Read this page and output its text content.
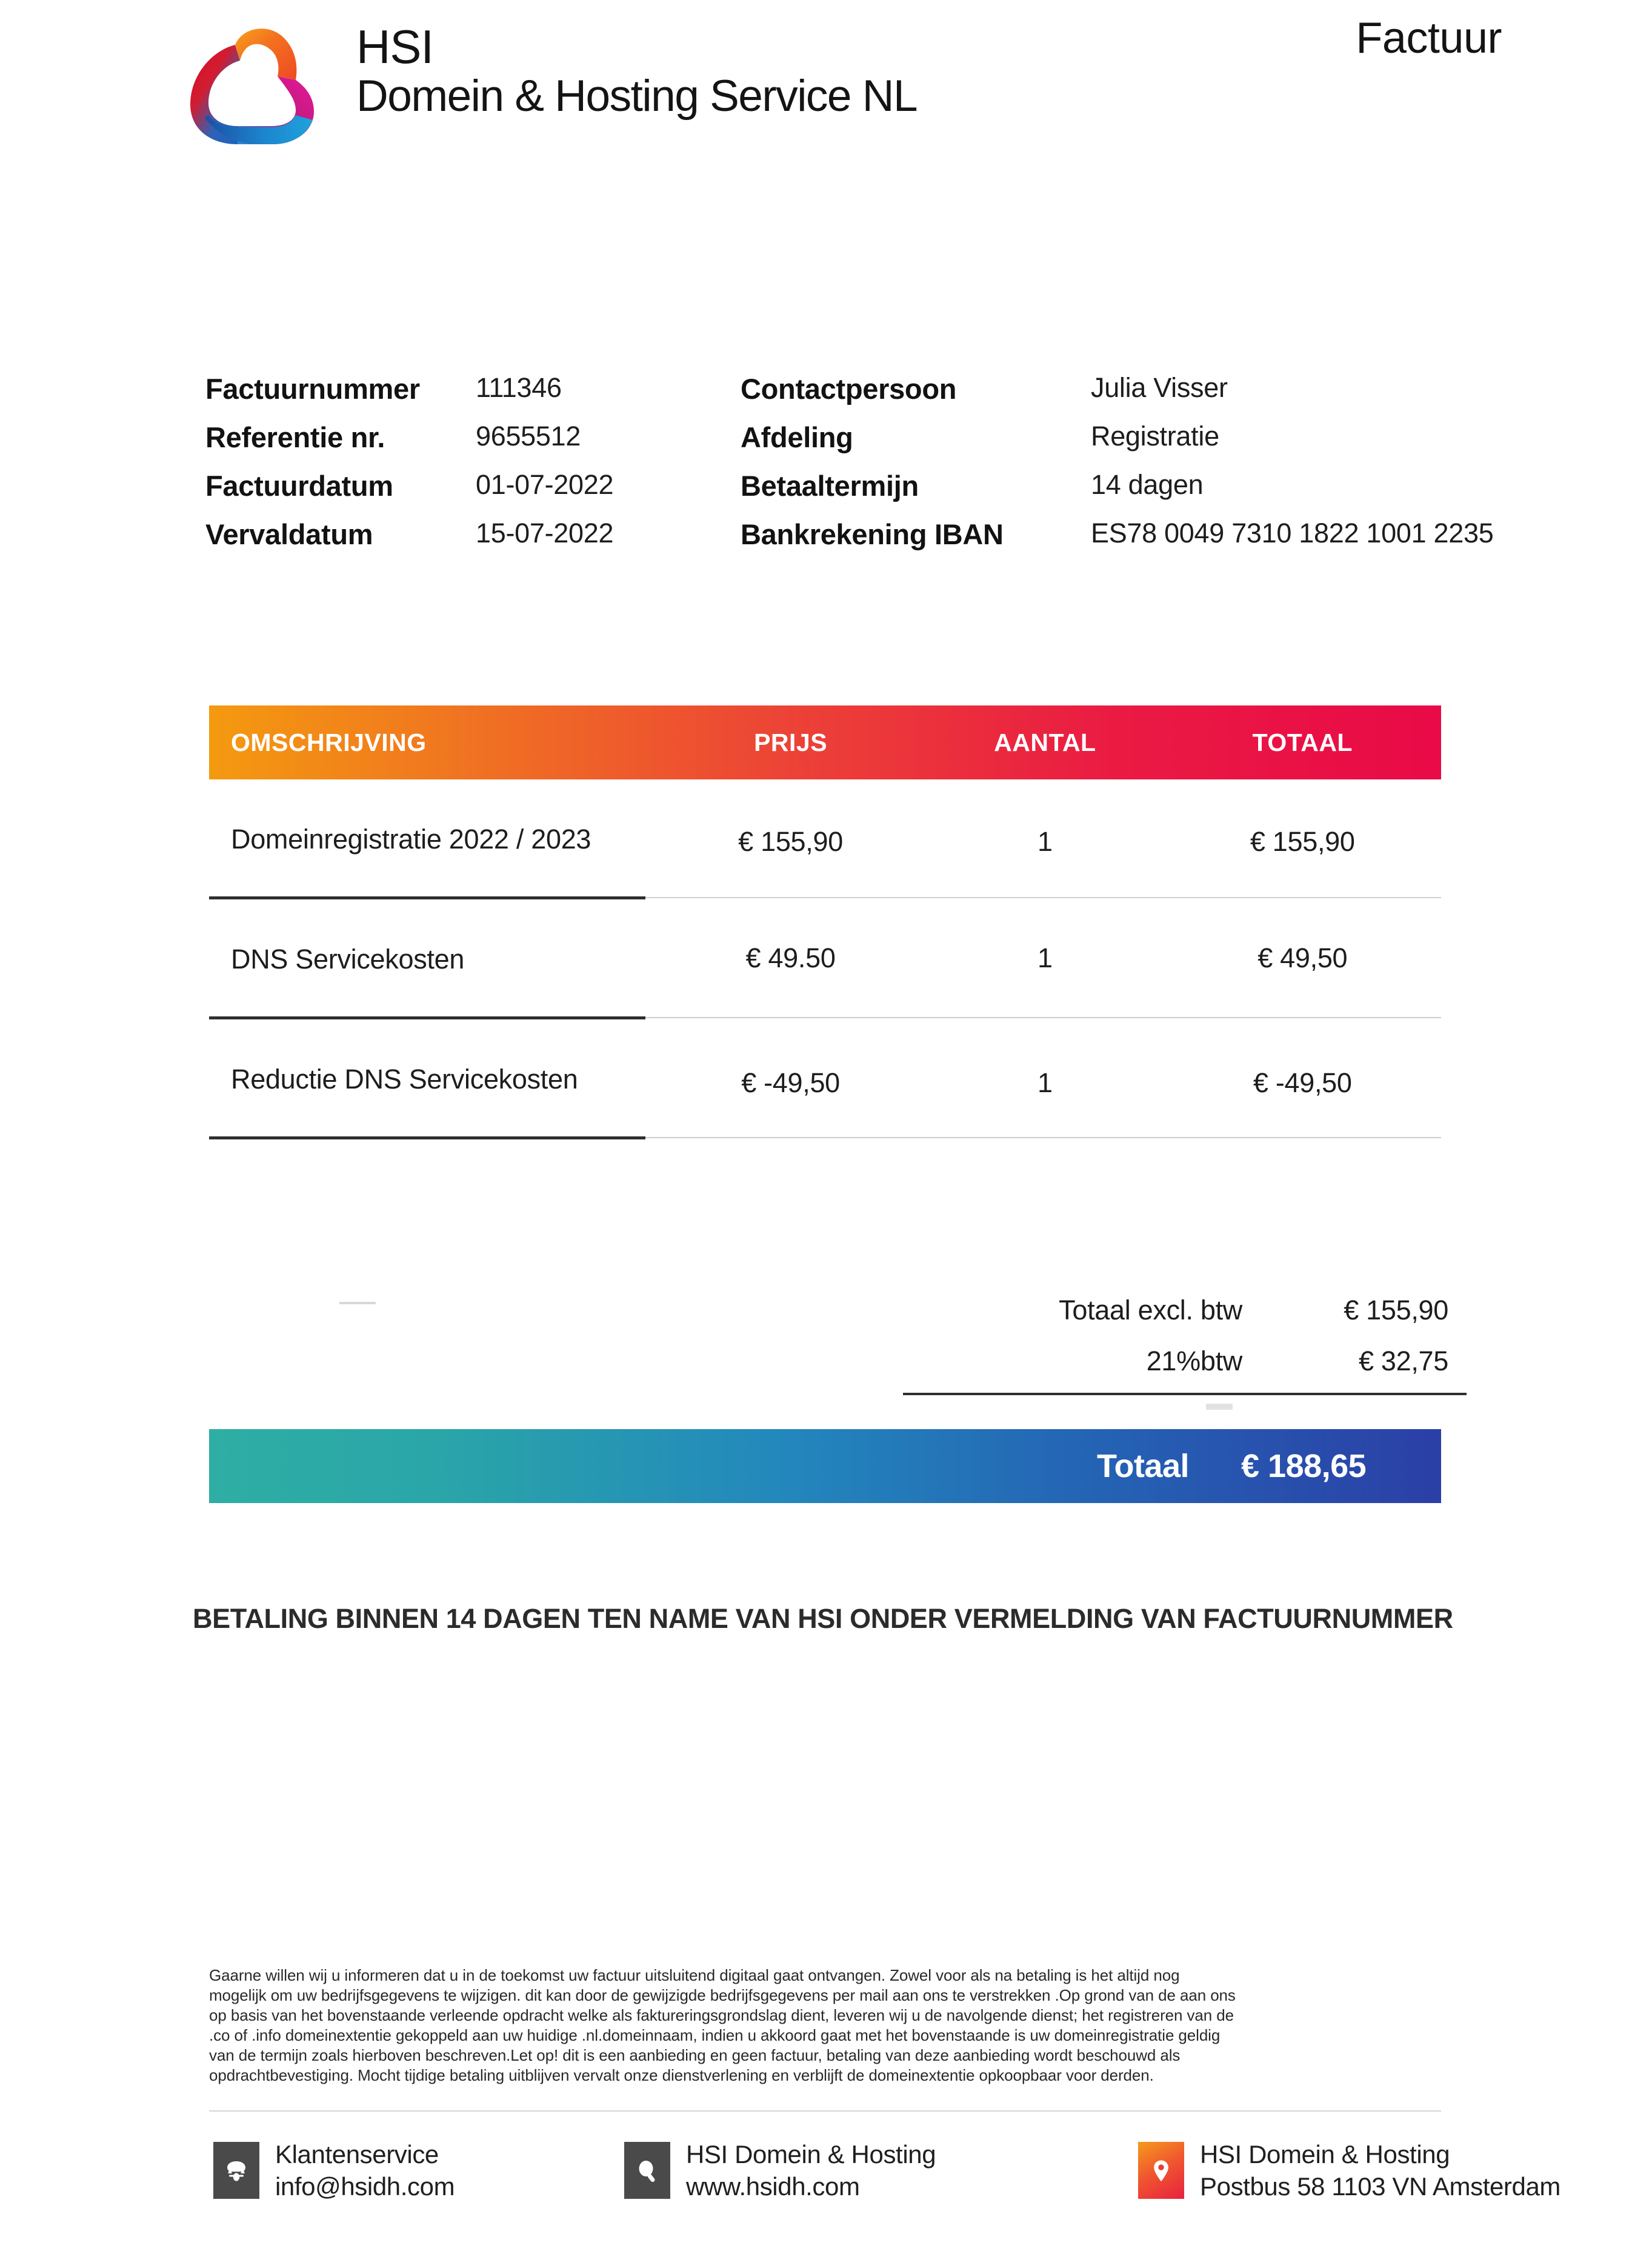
HSI
Domein & Hosting Service NL
Factuur
Factuurnummer 111346
Referentie nr.	9655512
Factuurdatum	01-07-2022
Vervaldatum	15-07-2022
Contactpersoon	Julia Visser
Afdeling	Registratie
Betaaltermijn	14 dagen
Bankrekening IBAN	ES78 0049 7310 1822 1001 2235
OMSCHRIJVING	PRIJS	AANTAL	TOTAAL
Domeinregistratie 2022 / 2023	€ 155,90	1	€ 155,90
DNS Servicekosten	€ 49.50	1	€ 49,50
Reductie DNS Servicekosten	€ -49,50	1	€ -49,50
Totaal excl. btw	€ 155,90
21%btw	€ 32,75
Totaal € 188,65
BETALING BINNEN 14 DAGEN TEN NAME VAN HSI ONDER VERMELDING VAN FACTUURNUMMER

Gaarne willen wij u informeren dat u in de toekomst uw factuur uitsluitend digitaal gaat ontvangen. Zowel voor als na betaling is het altijd nog

mogelijk om uw bedrijfsgegevens te wijzigen. dit kan door de gewijzigde bedrijfsgegevens per mail aan ons te verstrekken .Op grond van de aan ons

op basis van het bovenstaande verleende opdracht welke als faktureringsgrondslag dient, leveren wij u de navolgende dienst; het registreren van de

.co of .info domeinextentie gekoppeld aan uw huidige .nl.domeinnaam, indien u akkoord gaat met het bovenstaande is uw domeinregistratie geldig

van de termijn zoals hierboven beschreven.Let op! dit is een aanbieding en geen factuur, betaling van deze aanbieding wordt beschouwd als

opdrachtbevestiging. Mocht tijdige betaling uitblijven vervalt onze dienstverlening en verblijft de domeinextentie opkoopbaar voor derden.

Klantenservice
info@hsidh.com
HSI Domein & Hosting
www.hsidh.com
HSI Domein & Hosting
Postbus 58 1103 VN Amsterdam
